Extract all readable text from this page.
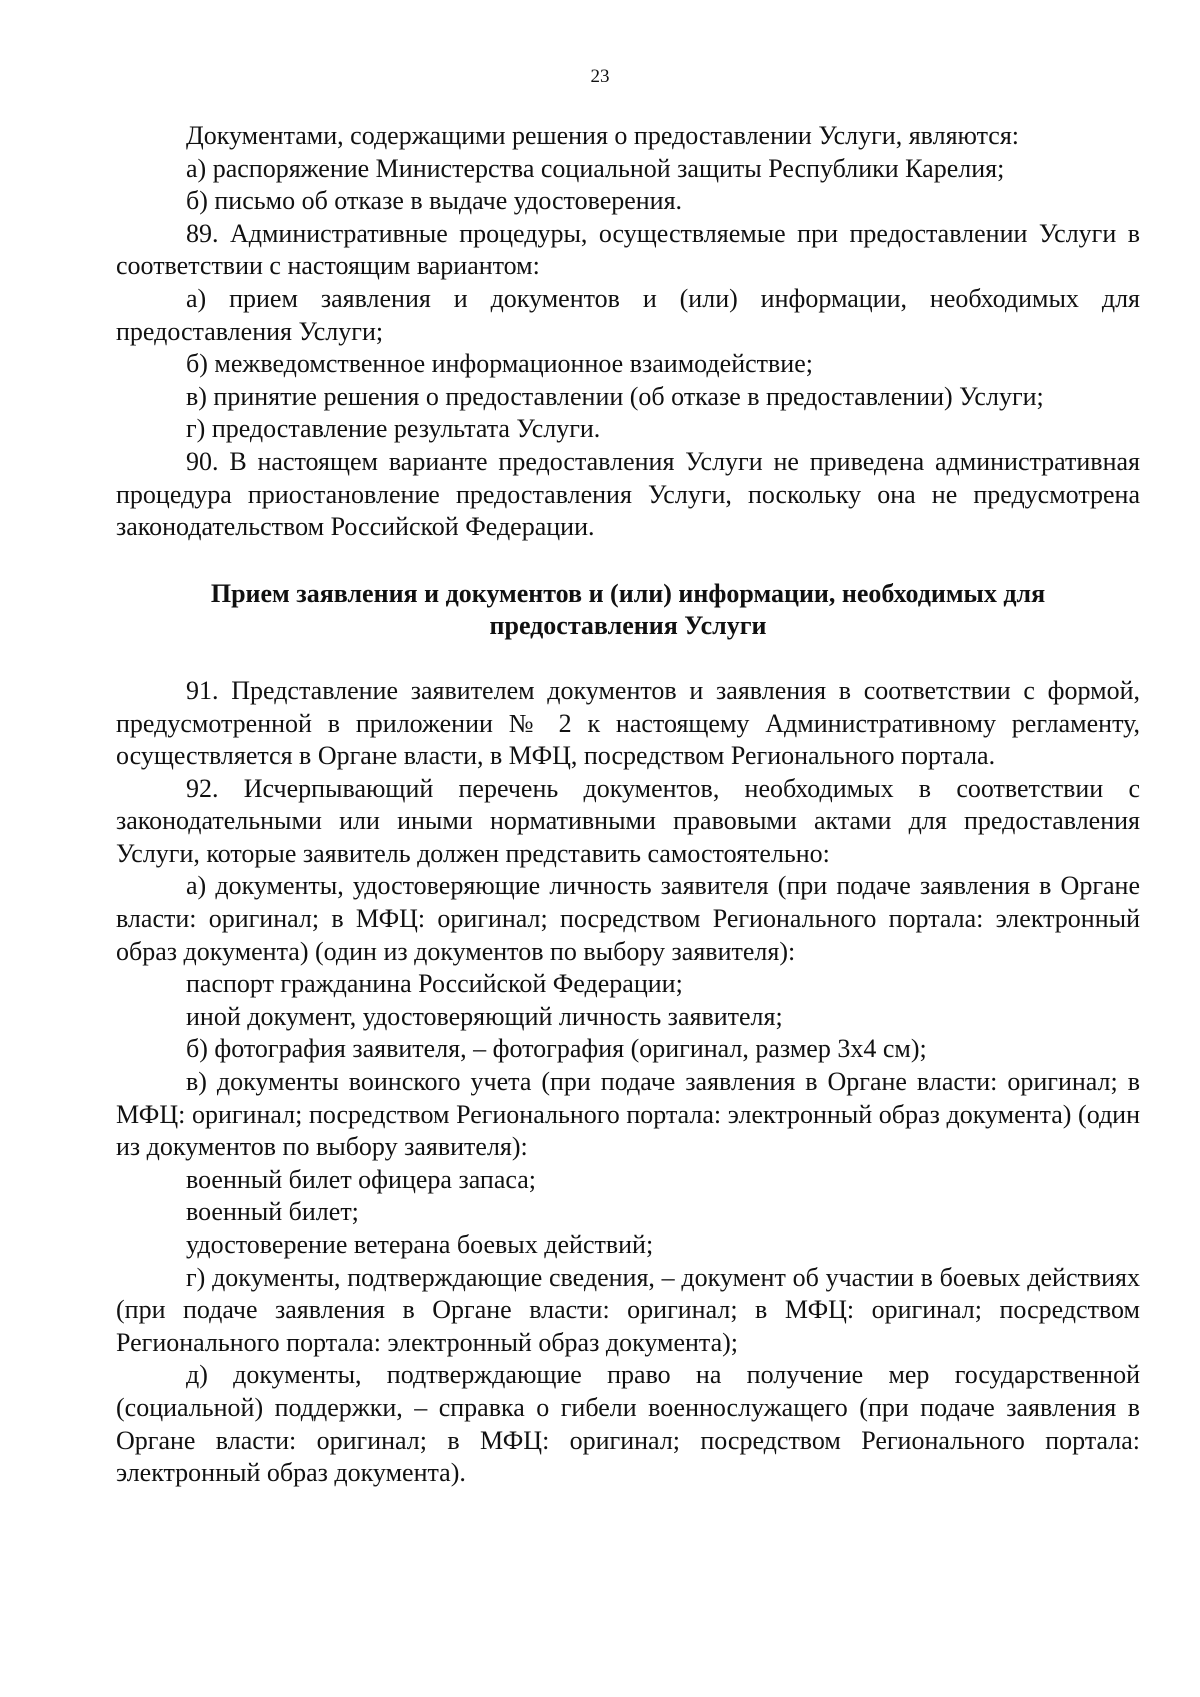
23

Документами, содержащими решения о предоставлении Услуги, являются:

а) распоряжение Министерства социальной защиты Республики Карелия;

б) письмо об отказе в выдаче удостоверения.

89. Административные процедуры, осуществляемые при предоставлении Услуги в соответствии с настоящим вариантом:

а) прием заявления и документов и (или) информации, необходимых для предоставления Услуги;

б) межведомственное информационное взаимодействие;

в) принятие решения о предоставлении (об отказе в предоставлении) Услуги;

г) предоставление результата Услуги.

90. В настоящем варианте предоставления Услуги не приведена административная процедура приостановление предоставления Услуги, поскольку она не предусмотрена законодательством Российской Федерации.

Прием заявления и документов и (или) информации, необходимых для предоставления Услуги

91. Представление заявителем документов и заявления в соответствии с формой, предусмотренной в приложении № 2 к настоящему Административному регламенту, осуществляется в Органе власти, в МФЦ, посредством Регионального портала.

92. Исчерпывающий перечень документов, необходимых в соответствии с законодательными или иными нормативными правовыми актами для предоставления Услуги, которые заявитель должен представить самостоятельно:

а) документы, удостоверяющие личность заявителя (при подаче заявления в Органе власти: оригинал; в МФЦ: оригинал; посредством Регионального портала: электронный образ документа) (один из документов по выбору заявителя):

паспорт гражданина Российской Федерации;

иной документ, удостоверяющий личность заявителя;

б) фотография заявителя, – фотография (оригинал, размер 3х4 см);

в) документы воинского учета (при подаче заявления в Органе власти: оригинал; в МФЦ: оригинал; посредством Регионального портала: электронный образ документа) (один из документов по выбору заявителя):

военный билет офицера запаса;

военный билет;

удостоверение ветерана боевых действий;

г) документы, подтверждающие сведения, – документ об участии в боевых действиях (при подаче заявления в Органе власти: оригинал; в МФЦ: оригинал; посредством Регионального портала: электронный образ документа);

д) документы, подтверждающие право на получение мер государственной (социальной) поддержки, – справка о гибели военнослужащего (при подаче заявления в Органе власти: оригинал; в МФЦ: оригинал; посредством Регионального портала: электронный образ документа).
